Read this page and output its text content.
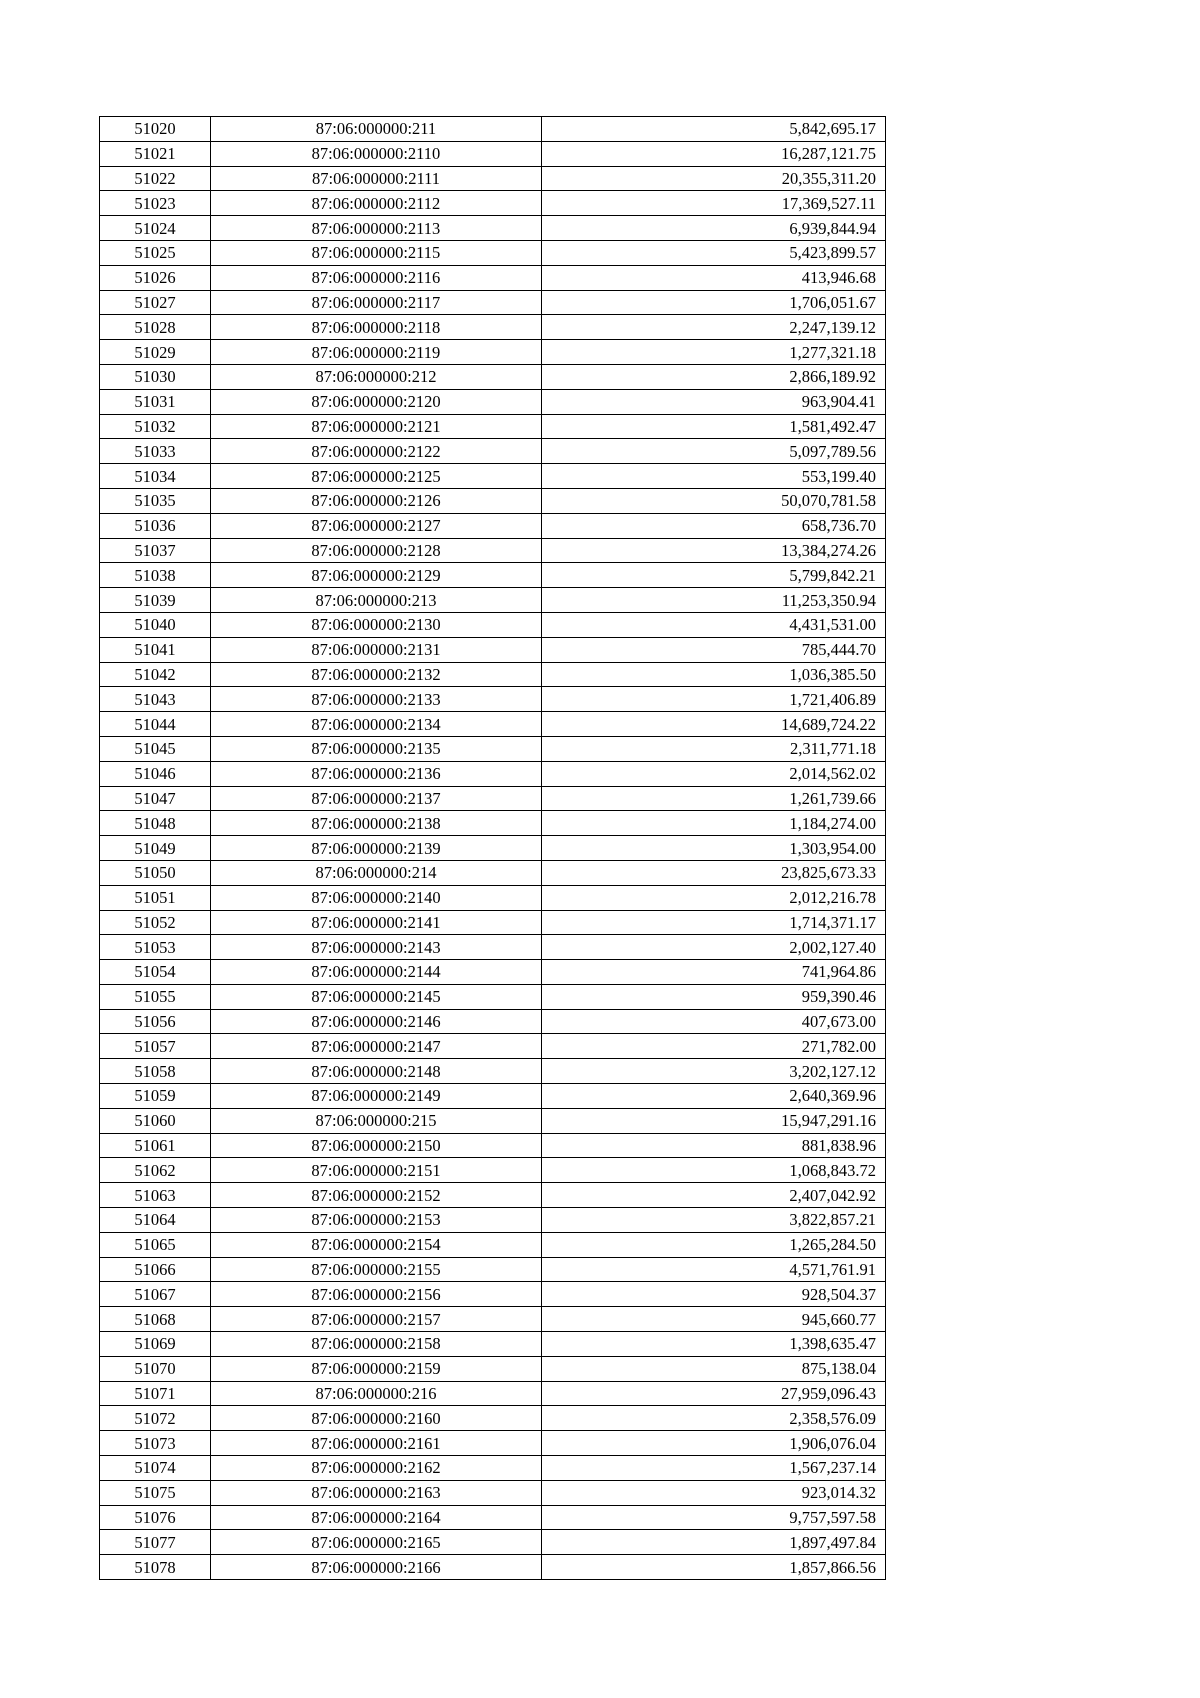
51020	87:06:000000:211	5,842,695.17
51021	87:06:000000:2110	16,287,121.75
51022	87:06:000000:2111	20,355,311.20
51023	87:06:000000:2112	17,369,527.11
51024	87:06:000000:2113	6,939,844.94
51025	87:06:000000:2115	5,423,899.57
51026	87:06:000000:2116	413,946.68
51027	87:06:000000:2117	1,706,051.67
51028	87:06:000000:2118	2,247,139.12
51029	87:06:000000:2119	1,277,321.18
51030	87:06:000000:212	2,866,189.92
51031	87:06:000000:2120	963,904.41
51032	87:06:000000:2121	1,581,492.47
51033	87:06:000000:2122	5,097,789.56
51034	87:06:000000:2125	553,199.40
51035	87:06:000000:2126	50,070,781.58
51036	87:06:000000:2127	658,736.70
51037	87:06:000000:2128	13,384,274.26
51038	87:06:000000:2129	5,799,842.21
51039	87:06:000000:213	11,253,350.94
51040	87:06:000000:2130	4,431,531.00
51041	87:06:000000:2131	785,444.70
51042	87:06:000000:2132	1,036,385.50
51043	87:06:000000:2133	1,721,406.89
51044	87:06:000000:2134	14,689,724.22
51045	87:06:000000:2135	2,311,771.18
51046	87:06:000000:2136	2,014,562.02
51047	87:06:000000:2137	1,261,739.66
51048	87:06:000000:2138	1,184,274.00
51049	87:06:000000:2139	1,303,954.00
51050	87:06:000000:214	23,825,673.33
51051	87:06:000000:2140	2,012,216.78
51052	87:06:000000:2141	1,714,371.17
51053	87:06:000000:2143	2,002,127.40
51054	87:06:000000:2144	741,964.86
51055	87:06:000000:2145	959,390.46
51056	87:06:000000:2146	407,673.00
51057	87:06:000000:2147	271,782.00
51058	87:06:000000:2148	3,202,127.12
51059	87:06:000000:2149	2,640,369.96
51060	87:06:000000:215	15,947,291.16
51061	87:06:000000:2150	881,838.96
51062	87:06:000000:2151	1,068,843.72
51063	87:06:000000:2152	2,407,042.92
51064	87:06:000000:2153	3,822,857.21
51065	87:06:000000:2154	1,265,284.50
51066	87:06:000000:2155	4,571,761.91
51067	87:06:000000:2156	928,504.37
51068	87:06:000000:2157	945,660.77
51069	87:06:000000:2158	1,398,635.47
51070	87:06:000000:2159	875,138.04
51071	87:06:000000:216	27,959,096.43
51072	87:06:000000:2160	2,358,576.09
51073	87:06:000000:2161	1,906,076.04
51074	87:06:000000:2162	1,567,237.14
51075	87:06:000000:2163	923,014.32
51076	87:06:000000:2164	9,757,597.58
51077	87:06:000000:2165	1,897,497.84
51078	87:06:000000:2166	1,857,866.56
